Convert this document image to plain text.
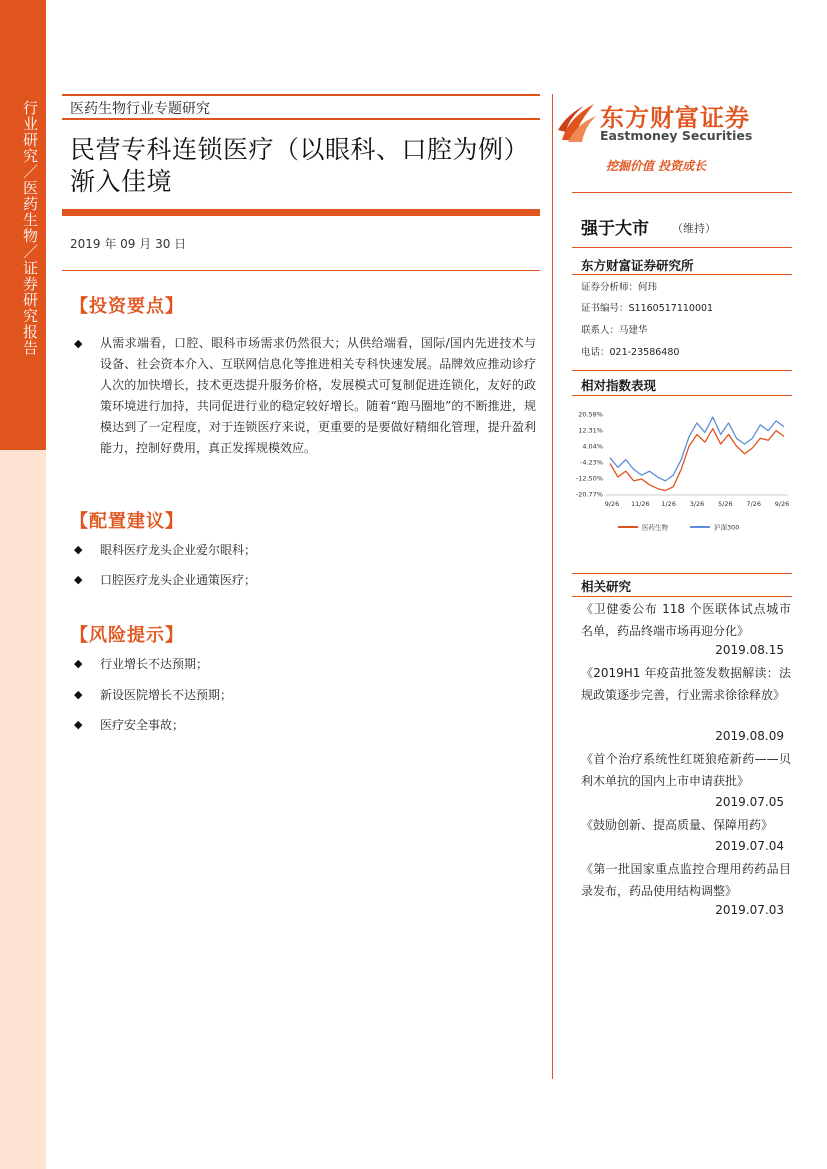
行业研究／医药生物／证券研究报告 医药生物行业专题研究
民营专科连锁医疗（以眼科、口腔为例）渐入佳境
2019 年 09 月 30 日
【投资要点】
◆ 从需求端看，口腔、眼科市场需求仍然很大；从供给端看，国际/国内先进技术与设备、社会资本介入、互联网信息化等推进相关专科快速发展。品牌效应推动诊疗人次的加快增长，技术更迭提升服务价格，发展模式可复制促进连锁化，友好的政策环境进行加持，共同促进行业的稳定较好增长。随着“跑马圈地”的不断推进，规模达到了一定程度，对于连锁医疗来说，更重要的是要做好精细化管理，提升盈利能力，控制好费用，真正发挥规模效应。
【配置建议】
◆ 眼科医疗龙头企业爱尔眼科；
◆ 口腔医疗龙头企业通策医疗；
【风险提示】
◆ 行业增长不达预期；
◆ 新设医院增长不达预期；
◆ 医疗安全事故；
东方财富证券
Eastmoney Securities
挖掘价值 投资成长
强于大市 （维持）
东方财富证券研究所
证券分析师：何玮
证书编号：S1160517110001
联系人：马建华
电话：021-23586480
相对指数表现
20.58%
12.31%
4.04%
-4.23%
-12.50%
-20.77%
9/26 11/26 1/26 3/26 5/26 7/26 9/26
医药生物	沪深300
相关研究
《卫健委公布 118 个医联体试点城市名单，药品终端市场再迎分化》
2019.08.15
《2019H1 年疫苗批签发数据解读：法规政策逐步完善，行业需求徐徐释放》
2019.08.09
《首个治疗系统性红斑狼疮新药——贝利木单抗的国内上市申请获批》
2019.07.05
《鼓励创新、提高质量、保障用药》
2019.07.04
《第一批国家重点监控合理用药药品目录发布，药品使用结构调整》
2019.07.03
